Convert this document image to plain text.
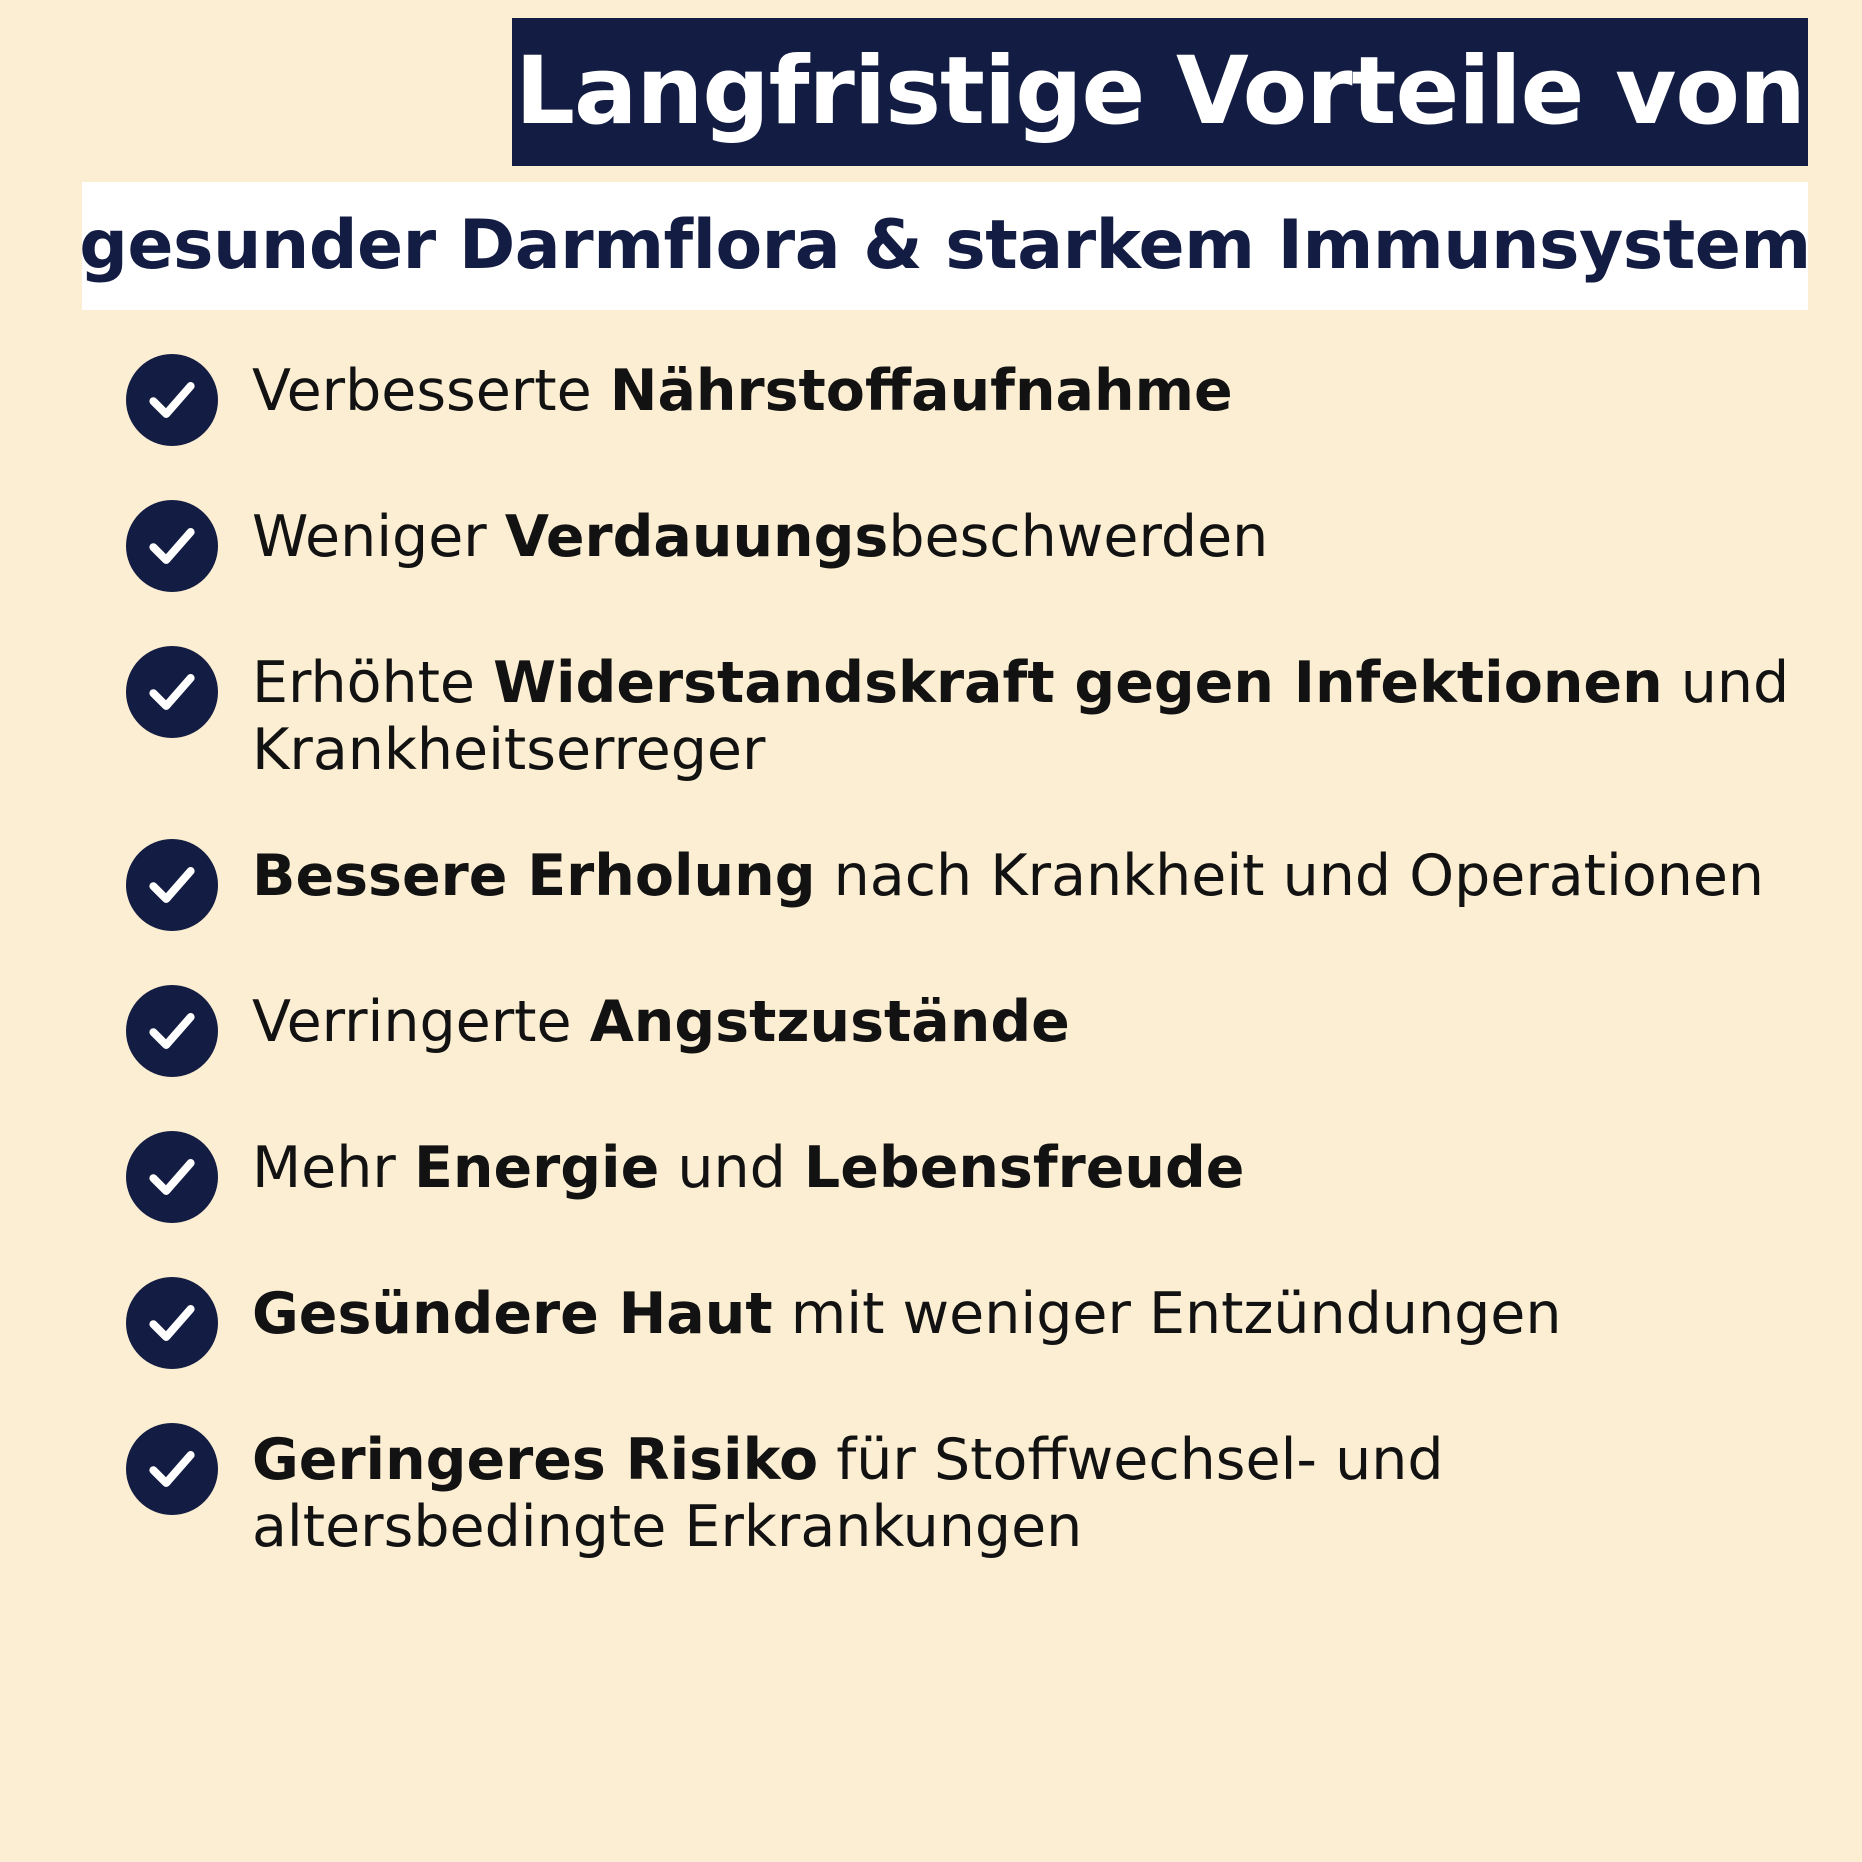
Langfristige Vorteile von
gesunder Darmflora & starkem Immunsystem
Verbesserte Nährstoffaufnahme
Weniger Verdauungsbeschwerden
Erhöhte Widerstandskraft gegen Infektionen und Krankheitserreger
Bessere Erholung nach Krankheit und Operationen
Verringerte Angstzustände
Mehr Energie und Lebensfreude
Gesündere Haut mit weniger Entzündungen
Geringeres Risiko für Stoffwechsel- und altersbedingte Erkrankungen
